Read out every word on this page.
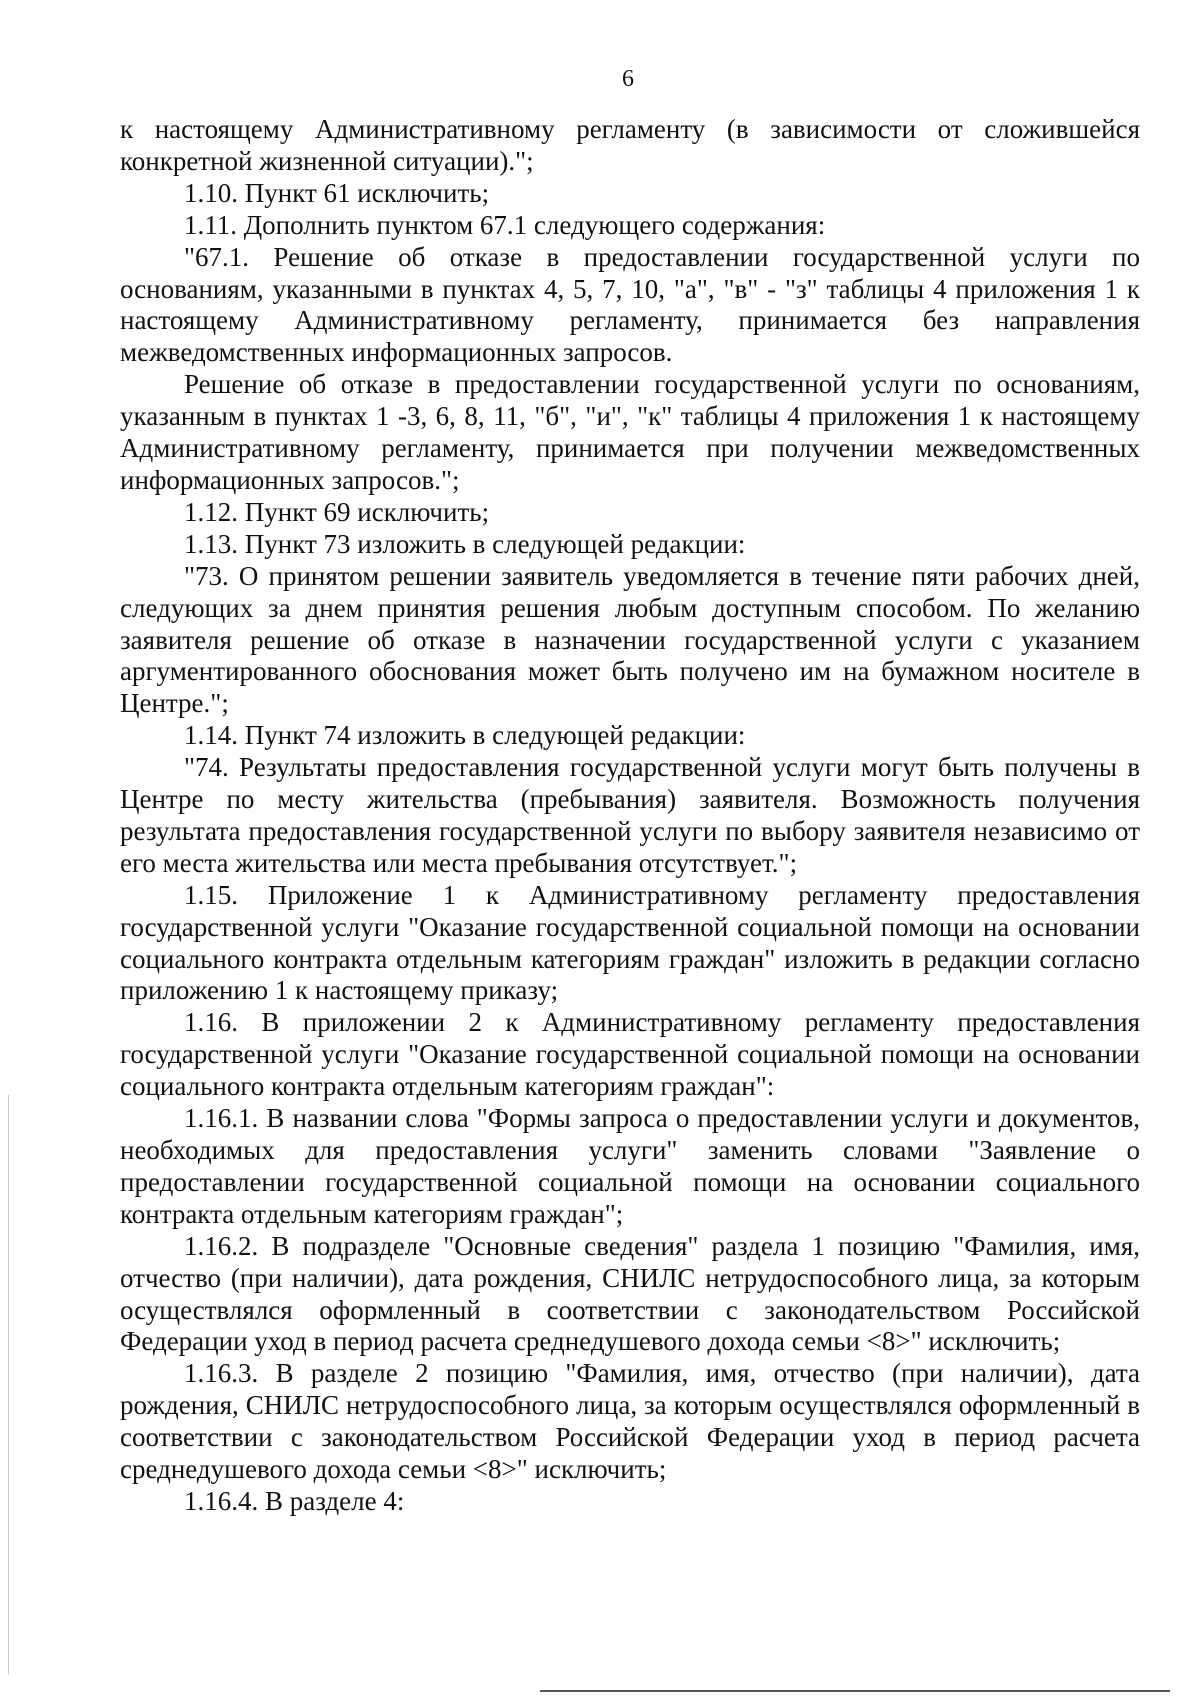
6

к настоящему Административному регламенту (в зависимости от сложившейся конкретной жизненной ситуации).";

1.10. Пункт 61 исключить;

1.11. Дополнить пунктом 67.1 следующего содержания:

"67.1. Решение об отказе в предоставлении государственной услуги по основаниям, указанными в пунктах 4, 5, 7, 10, "а", "в" - "з" таблицы 4 приложения 1 к настоящему Административному регламенту, принимается без направления межведомственных информационных запросов.

Решение об отказе в предоставлении государственной услуги по основаниям, указанным в пунктах 1 -3, 6, 8, 11, "б", "и", "к" таблицы 4 приложения 1 к настоящему Административному регламенту, принимается при получении межведомственных информационных запросов.";

1.12. Пункт 69 исключить;

1.13. Пункт 73 изложить в следующей редакции:

"73. О принятом решении заявитель уведомляется в течение пяти рабочих дней, следующих за днем принятия решения любым доступным способом. По желанию заявителя решение об отказе в назначении государственной услуги с указанием аргументированного обоснования может быть получено им на бумажном носителе в Центре.";

1.14. Пункт 74 изложить в следующей редакции:

"74. Результаты предоставления государственной услуги могут быть получены в Центре по месту жительства (пребывания) заявителя. Возможность получения результата предоставления государственной услуги по выбору заявителя независимо от его места жительства или места пребывания отсутствует.";

1.15. Приложение 1 к Административному регламенту предоставления государственной услуги "Оказание государственной социальной помощи на основании социального контракта отдельным категориям граждан" изложить в редакции согласно приложению 1 к настоящему приказу;

1.16. В приложении 2 к Административному регламенту предоставления государственной услуги "Оказание государственной социальной помощи на основании социального контракта отдельным категориям граждан":

1.16.1. В названии слова "Формы запроса о предоставлении услуги и документов, необходимых для предоставления услуги" заменить словами "Заявление о предоставлении государственной социальной помощи на основании социального контракта отдельным категориям граждан";

1.16.2. В подразделе "Основные сведения" раздела 1 позицию "Фамилия, имя, отчество (при наличии), дата рождения, СНИЛС нетрудоспособного лица, за которым осуществлялся оформленный в соответствии с законодательством Российской Федерации уход в период расчета среднедушевого дохода семьи <8>" исключить;

1.16.3. В разделе 2 позицию "Фамилия, имя, отчество (при наличии), дата рождения, СНИЛС нетрудоспособного лица, за которым осуществлялся оформленный в соответствии с законодательством Российской Федерации уход в период расчета среднедушевого дохода семьи <8>" исключить;

1.16.4. В разделе 4:
